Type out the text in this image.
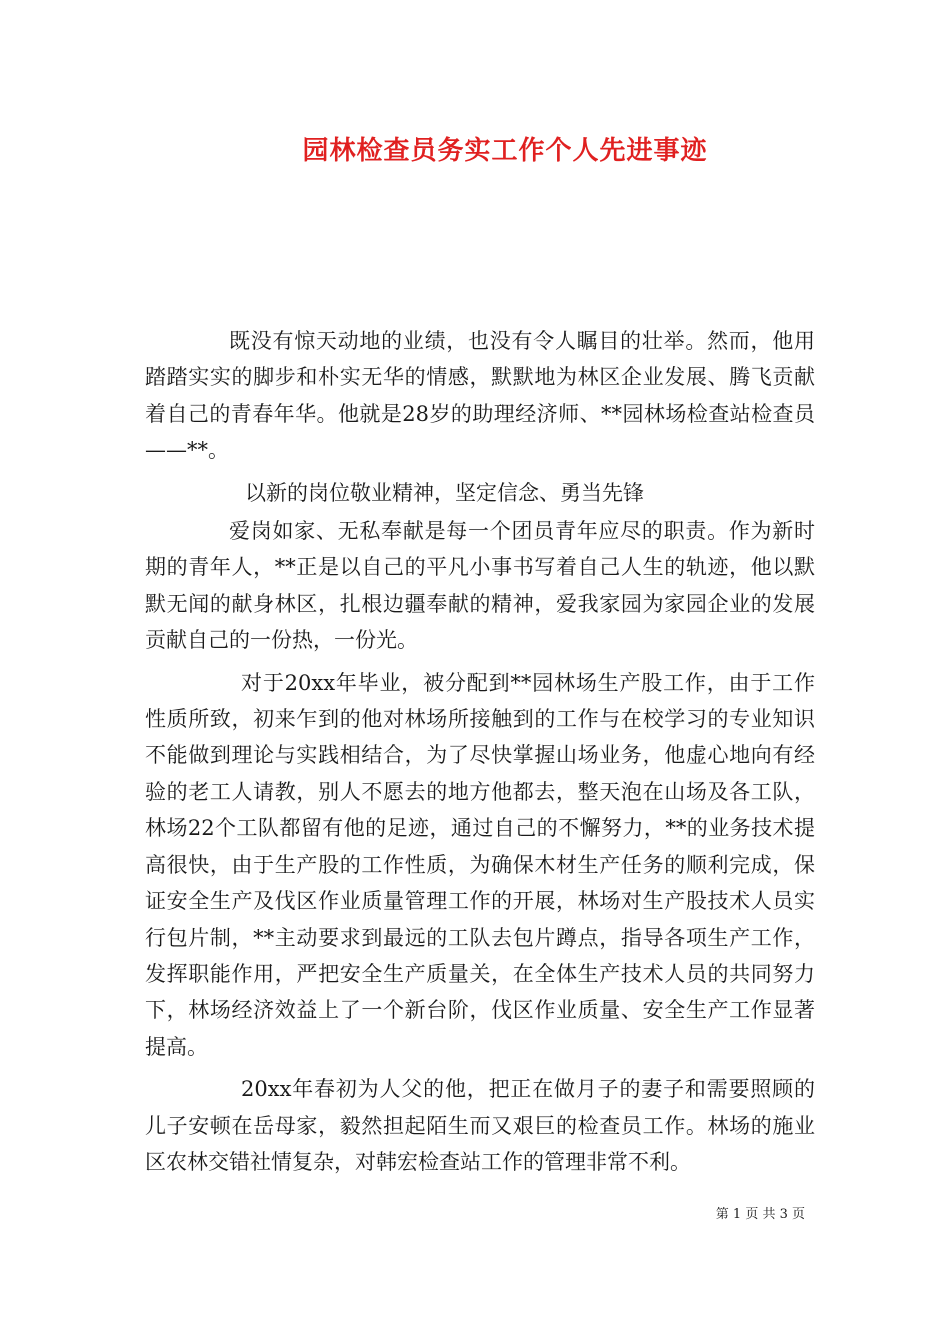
园林检查员务实工作个人先进事迹

既没有惊天动地的业绩，也没有令人瞩目的壮举。然而，他用踏踏实实的脚步和朴实无华的情感，默默地为林区企业发展、腾飞贡献着自己的青春年华。他就是28岁的助理经济师、**园林场检查站检查员——**。

以新的岗位敬业精神，坚定信念、勇当先锋

爱岗如家、无私奉献是每一个团员青年应尽的职责。作为新时期的青年人，**正是以自己的平凡小事书写着自己人生的轨迹，他以默默无闻的献身林区，扎根边疆奉献的精神，爱我家园为家园企业的发展贡献自己的一份热，一份光。

对于20xx年毕业，被分配到**园林场生产股工作，由于工作性质所致，初来乍到的他对林场所接触到的工作与在校学习的专业知识不能做到理论与实践相结合，为了尽快掌握山场业务，他虚心地向有经验的老工人请教，别人不愿去的地方他都去，整天泡在山场及各工队，林场22个工队都留有他的足迹，通过自己的不懈努力，**的业务技术提高很快，由于生产股的工作性质，为确保木材生产任务的顺利完成，保证安全生产及伐区作业质量管理工作的开展，林场对生产股技术人员实行包片制，**主动要求到最远的工队去包片蹲点，指导各项生产工作，发挥职能作用，严把安全生产质量关，在全体生产技术人员的共同努力下，林场经济效益上了一个新台阶，伐区作业质量、安全生产工作显著提高。

20xx年春初为人父的他，把正在做月子的妻子和需要照顾的儿子安顿在岳母家，毅然担起陌生而又艰巨的检查员工作。林场的施业区农林交错社情复杂，对韩宏检查站工作的管理非常不利。

第 1 页 共 3 页
